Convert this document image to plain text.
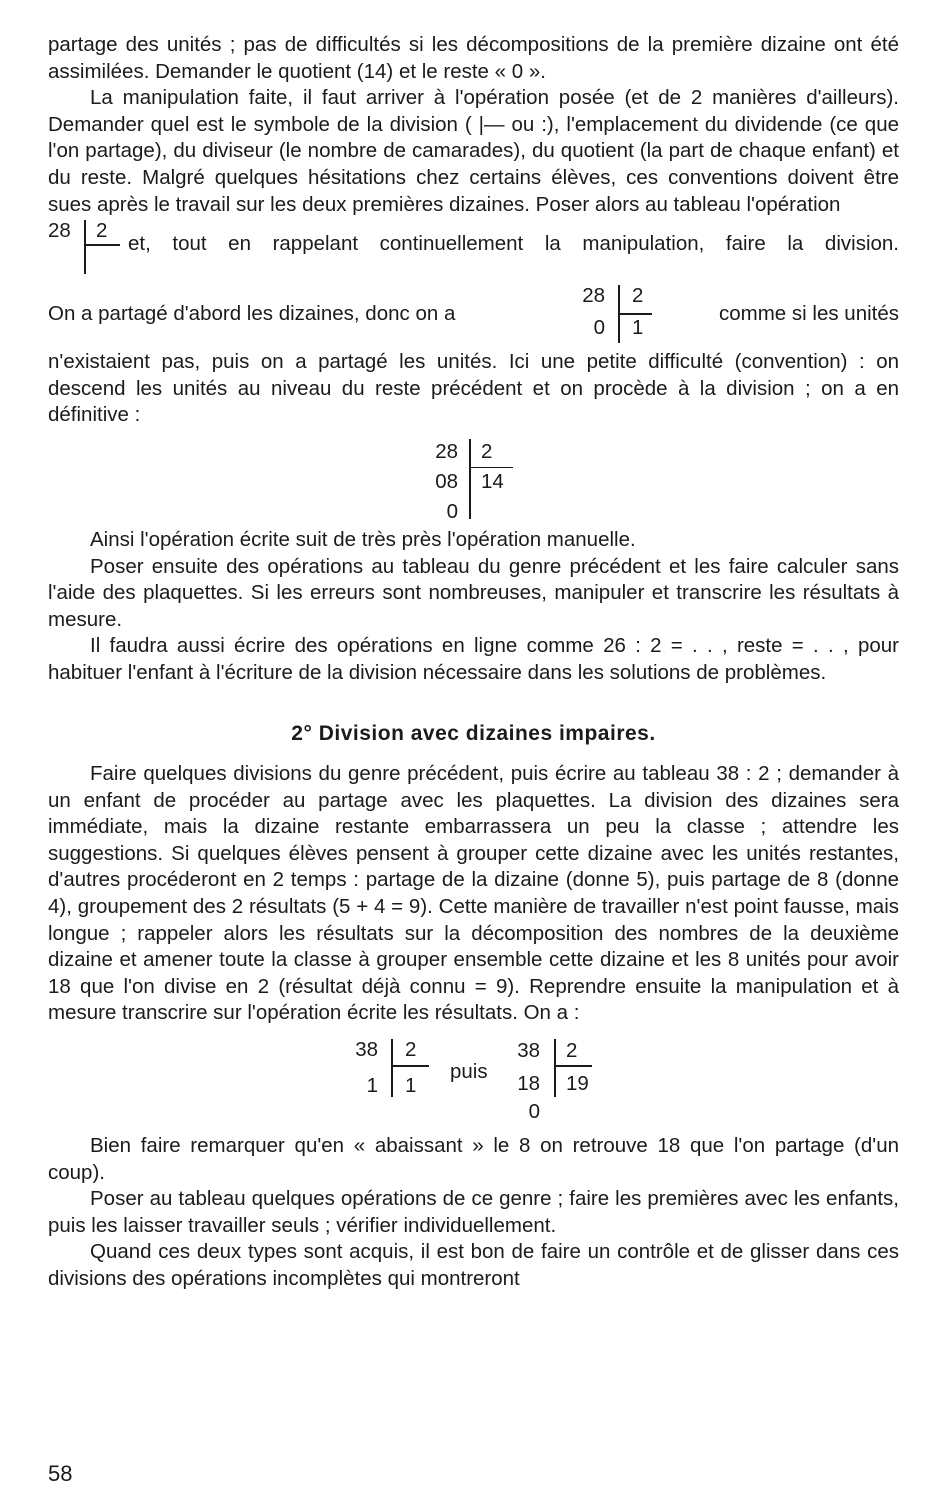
partage des unités ; pas de difficultés si les décompositions de la première dizaine ont été assimilées. Demander le quotient (14) et le reste « 0 ».

La manipulation faite, il faut arriver à l'opération posée (et de 2 manières d'ailleurs). Demander quel est le symbole de la division ( |— ou :), l'emplacement du dividende (ce que l'on partage), du diviseur (le nombre de camarades), du quotient (la part de chaque enfant) et du reste. Malgré quelques hésitations chez certains élèves, ces conventions doivent être sues après le travail sur les deux premières dizaines. Poser alors au tableau l'opération

28 2
et, tout en rappelant continuellement la manipulation, faire la division.
On a partagé d'abord les dizaines, donc on a
28
0
2
1
comme si les unités

n'existaient pas, puis on a partagé les unités. Ici une petite difficulté (convention) : on descend les unités au niveau du reste précédent et on procède à la division ; on a en définitive :

28
08
0
2
14

Ainsi l'opération écrite suit de très près l'opération manuelle.

Poser ensuite des opérations au tableau du genre précédent et les faire calculer sans l'aide des plaquettes. Si les erreurs sont nombreuses, manipuler et transcrire les résultats à mesure.

Il faudra aussi écrire des opérations en ligne comme 26 : 2 = . . , reste = . . , pour habituer l'enfant à l'écriture de la division nécessaire dans les solutions de problèmes.

2° Division avec dizaines impaires.

Faire quelques divisions du genre précédent, puis écrire au tableau 38 : 2 ; demander à un enfant de procéder au partage avec les plaquettes. La division des dizaines sera immédiate, mais la dizaine restante embarrassera un peu la classe ; attendre les suggestions. Si quelques élèves pensent à grouper cette dizaine avec les unités restantes, d'autres procéderont en 2 temps : partage de la dizaine (donne 5), puis partage de 8 (donne 4), groupement des 2 résultats (5 + 4 = 9). Cette manière de travailler n'est point fausse, mais longue ; rappeler alors les résultats sur la décomposition des nombres de la deuxième dizaine et amener toute la classe à grouper ensemble cette dizaine et les 8 unités pour avoir 18 que l'on divise en 2 (résultat déjà connu = 9). Reprendre ensuite la manipulation et à mesure transcrire sur l'opération écrite les résultats. On a :

38
1
2
1
puis
38
18
0
2
19

Bien faire remarquer qu'en « abaissant » le 8 on retrouve 18 que l'on partage (d'un coup).

Poser au tableau quelques opérations de ce genre ; faire les premières avec les enfants, puis les laisser travailler seuls ; vérifier individuellement.

Quand ces deux types sont acquis, il est bon de faire un contrôle et de glisser dans ces divisions des opérations incomplètes qui montreront

58
